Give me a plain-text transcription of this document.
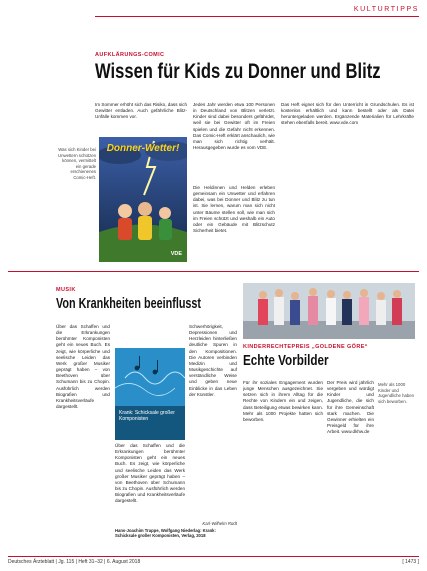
KULTURTIPPS
AUFKLÄRUNGS-COMIC
Wissen für Kids zu Donner und Blitz
Was sich Kinder bei Unwettern schützen können, vermittelt ein gerade erschienenes Comic-Heft.

Im Sommer erhöht sich das Risiko, dass sich Gewitter entladen. Auch gefährliche Blitz-Unfälle kommen vor.

Donner-Wetter!
VDE

Jedes Jahr werden etwa 100 Personen in Deutschland von Blitzen verletzt. Kinder sind dabei besonders gefährdet, weil sie bei Gewitter oft im Freien spielen und die Gefahr nicht erkennen. Das Comic-Heft erklärt anschaulich, wie man sich richtig verhält. Herausgegeben wurde es vom VDE.

Die Heldinnen und Helden erleben gemeinsam ein Unwetter und erfahren dabei, was bei Donner und Blitz zu tun ist. Sie lernen, warum man sich nicht unter Bäume stellen soll, wie man sich im Freien schützt und weshalb ein Auto oder ein Gebäude mit Blitzschutz Sicherheit bietet.

Das Heft eignet sich für den Unterricht in Grundschulen. Es ist kostenlos erhältlich und kann bestellt oder als Datei heruntergeladen werden. Ergänzende Materialien für Lehrkräfte stehen ebenfalls bereit. www.vde.com

MUSIK
Von Krankheiten beeinflusst

Über das Schaffen und die Erkrankungen berühmter Komponisten geht ein neues Buch. Es zeigt, wie körperliche und seelische Leiden das Werk großer Musiker geprägt haben – von Beethoven über Schumann bis zu Chopin. Ausführlich werden Biografien und Krankheitsverläufe dargestellt.

Krank: Schicksale großer Komponisten

Über das Schaffen und die Erkrankungen berühmter Komponisten geht ein neues Buch. Es zeigt, wie körperliche und seelische Leiden das Werk großer Musiker geprägt haben – von Beethoven über Schumann bis zu Chopin. Ausführlich werden Biografien und Krankheitsverläufe dargestellt.

Schwerhörigkeit, Depressionen und Herzleiden hinterließen deutliche Spuren in den Kompositionen. Die Autoren verbinden Medizin und Musikgeschichte auf verständliche Weise und geben neue Einblicke in das Leben der Künstler.

Karl-Wilhelm Rüdt
Hans-Joachim Trappe, Wolfgang Niederlag: Krank: Schicksale großer Komponisten, Verlag, 2018
KINDERRECHTEPREIS „GOLDENE GÖRE“
Echte Vorbilder

Für ihr soziales Engagement wurden junge Menschen ausgezeichnet. Sie setzen sich in ihrem Alltag für die Rechte von Kindern ein und zeigen, dass Beteiligung etwas bewirken kann. Mehr als 1000 Projekte hatten sich beworben.

Der Preis wird jährlich vergeben und würdigt Kinder und Jugendliche, die sich für ihre Gemeinschaft stark machen. Die Gewinner erhielten ein Preisgeld für ihre Arbeit. www.dkhw.de

Mehr als 1000 Kinder und Jugendliche haben sich beworben.
Deutsches Ärzteblatt | Jg. 115 | Heft 31–32 | 6. August 2018	[ 1473 ]
